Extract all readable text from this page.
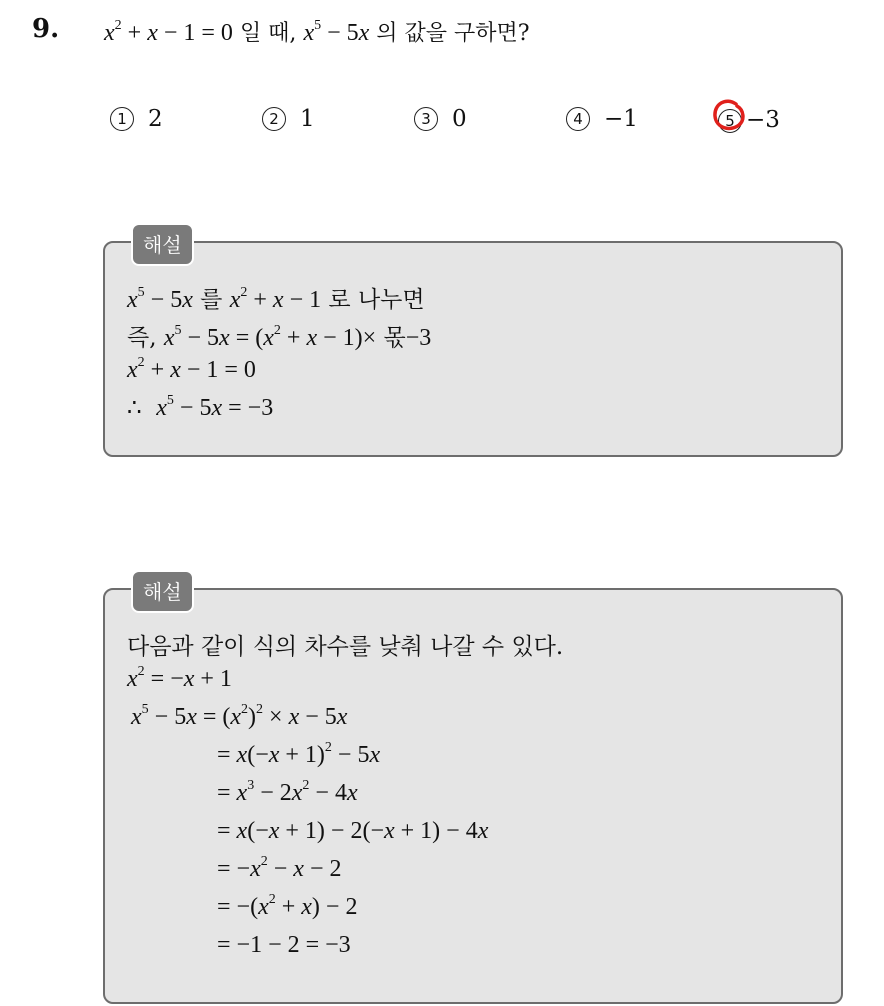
9. $x^2 + x - 1 = 0$ 일 때, $x^5 - 5x$ 의 값을 구하면?
1 2	2 1	3 0	4 −1	5 −3
해설
$x^5 - 5x$ 를 $x^2 + x - 1$ 로 나누면
즉, $x^5 - 5x = (x^2 + x - 1)\times$ 몫−3
$x^2 + x - 1 = 0$
∴ $x^5 - 5x = -3$
해설
다음과 같이 식의 차수를 낮춰 나갈 수 있다.
$x^2 = -x + 1$
$x^5 - 5x = (x^2)^2 \times x - 5x$
= $x(-x + 1)^2 - 5x$
= $x^3 - 2x^2 - 4x$
= x(−x + 1) − 2(−x + 1) − 4x
= $-x^2 - x - 2$
= $-(x^2 + x) - 2$
= −1 − 2 = −3
